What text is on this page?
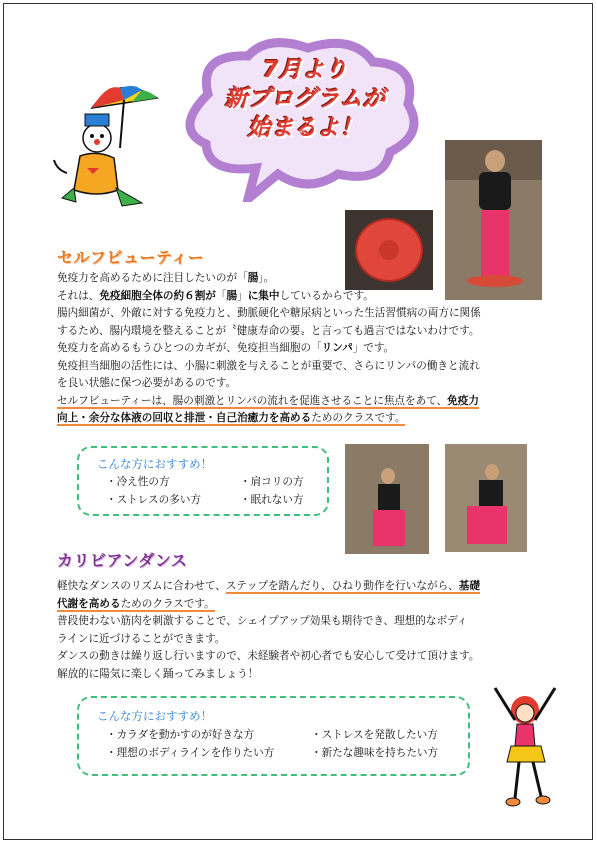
7月より
新プログラムが
始まるよ！
セルフビューティー

免疫力を高めるために注目したいのが「腸」。

それは、免疫細胞全体の約６割が「腸」に集中しているからです。

腸内細菌が、外敵に対する免疫力と、動脈硬化や糖尿病といった生活習慣病の両方に関係

するため、腸内環境を整えることが〝健康寿命の要〟と言っても過言ではないわけです。

免疫力を高めるもうひとつのカギが、免疫担当細胞の「リンパ」です。

免疫担当細胞の活性には、小腸に刺激を与えることが重要で、さらにリンパの働きと流れ

を良い状態に保つ必要があるのです。

セルフビューティーは、腸の刺激とリンパの流れを促進させることに焦点をあて、免疫力

向上・余分な体液の回収と排泄・自己治癒力を高めるためのクラスです。

こんな方におすすめ！
・冷え性の方	・肩コリの方
・ストレスの多い方	・眠れない方
カリビアンダンス

軽快なダンスのリズムに合わせて、ステップを踏んだり、ひねり動作を行いながら、基礎

代謝を高めるためのクラスです。

普段使わない筋肉を刺激することで、シェイプアップ効果も期待でき、理想的なボディ

ラインに近づけることができます。

ダンスの動きは繰り返し行いますので、未経験者や初心者でも安心して受けて頂けます。

解放的に陽気に楽しく踊ってみましょう！

こんな方におすすめ！
・カラダを動かすのが好きな方	・ストレスを発散したい方
・理想のボディラインを作りたい方	・新たな趣味を持ちたい方
